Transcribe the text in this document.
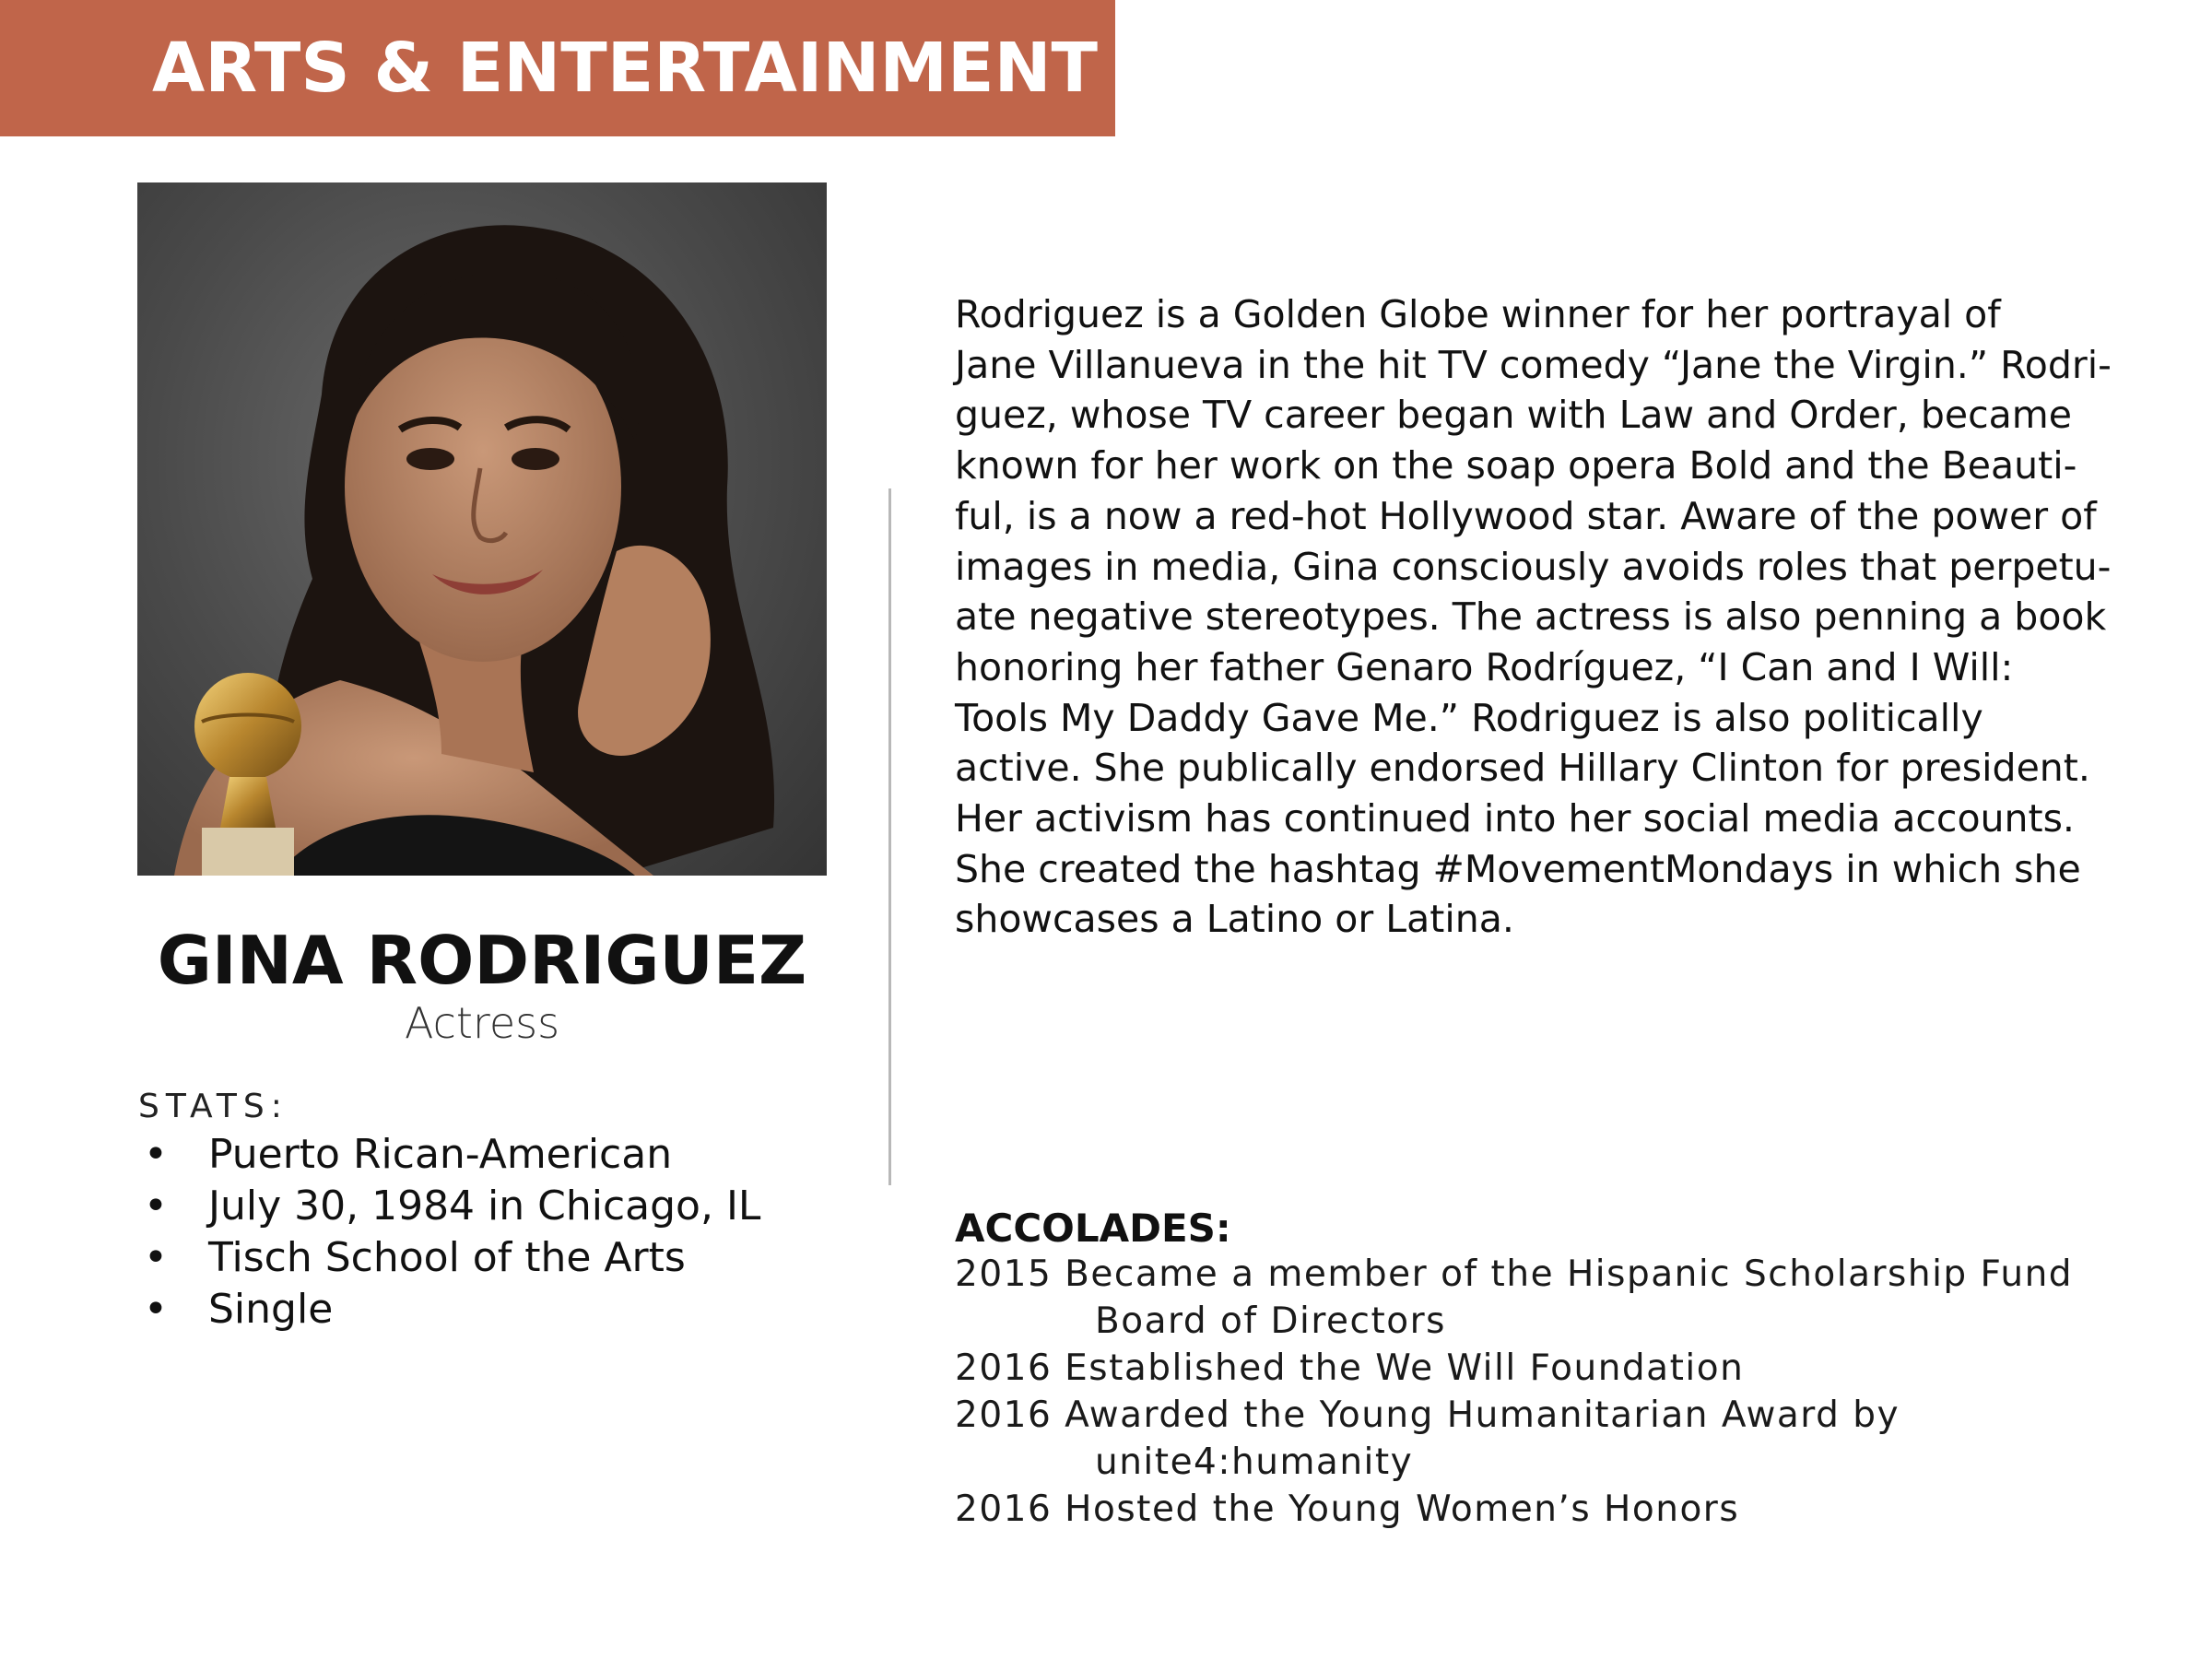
ARTS & ENTERTAINMENT
GINA RODRIGUEZ
Actress
STATS:
• Puerto Rican-American
• July 30, 1984 in Chicago, IL
• Tisch School of the Arts
• Single
Rodriguez is a Golden Globe winner for her portrayal of
Jane Villanueva in the hit TV comedy “Jane the Virgin.” Rodri-
guez, whose TV career began with Law and Order, became
known for her work on the soap opera Bold and the Beauti-
ful, is a now a red-hot Hollywood star. Aware of the power of
images in media, Gina consciously avoids roles that perpetu-
ate negative stereotypes. The actress is also penning a book
honoring her father Genaro Rodríguez, “I Can and I Will:
Tools My Daddy Gave Me.” Rodriguez is also politically
active. She publically endorsed Hillary Clinton for president.
Her activism has continued into her social media accounts.
She created the hashtag #MovementMondays in which she
showcases a Latino or Latina.
ACCOLADES:
2015 Became a member of the Hispanic Scholarship Fund
Board of Directors
2016 Established the We Will Foundation
2016 Awarded the Young Humanitarian Award by
unite4:humanity
2016 Hosted the Young Women’s Honors
